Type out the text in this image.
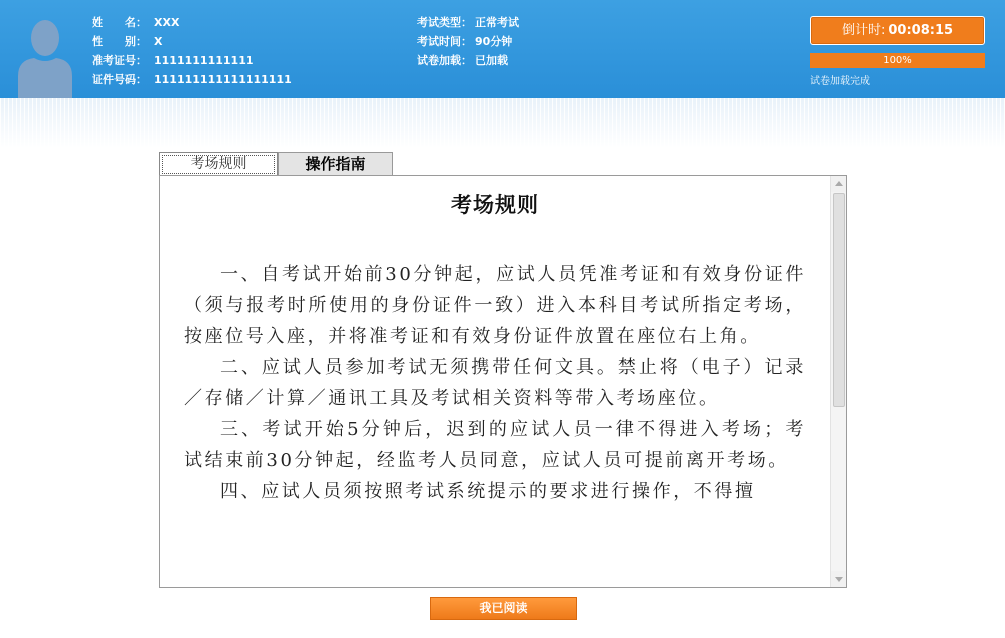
姓　　名： XXX
性　　别： X
准考证号： 1111111111111
证件号码： 111111111111111111
考试类型： 正常考试
考试时间： 90分钟
试卷加载： 已加载
倒计时: 00:08:15
100%
试卷加载完成
考场规则	操作指南
考场规则

一、自考试开始前30分钟起，应试人员凭准考证和有效身份证件（须与报考时所使用的身份证件一致）进入本科目考试所指定考场，按座位号入座，并将准考证和有效身份证件放置在座位右上角。

二、应试人员参加考试无须携带任何文具。禁止将（电子）记录／存储／计算／通讯工具及考试相关资料等带入考场座位。

三、考试开始5分钟后，迟到的应试人员一律不得进入考场；考试结束前30分钟起，经监考人员同意，应试人员可提前离开考场。

四、应试人员须按照考试系统提示的要求进行操作，不得擅

我已阅读
